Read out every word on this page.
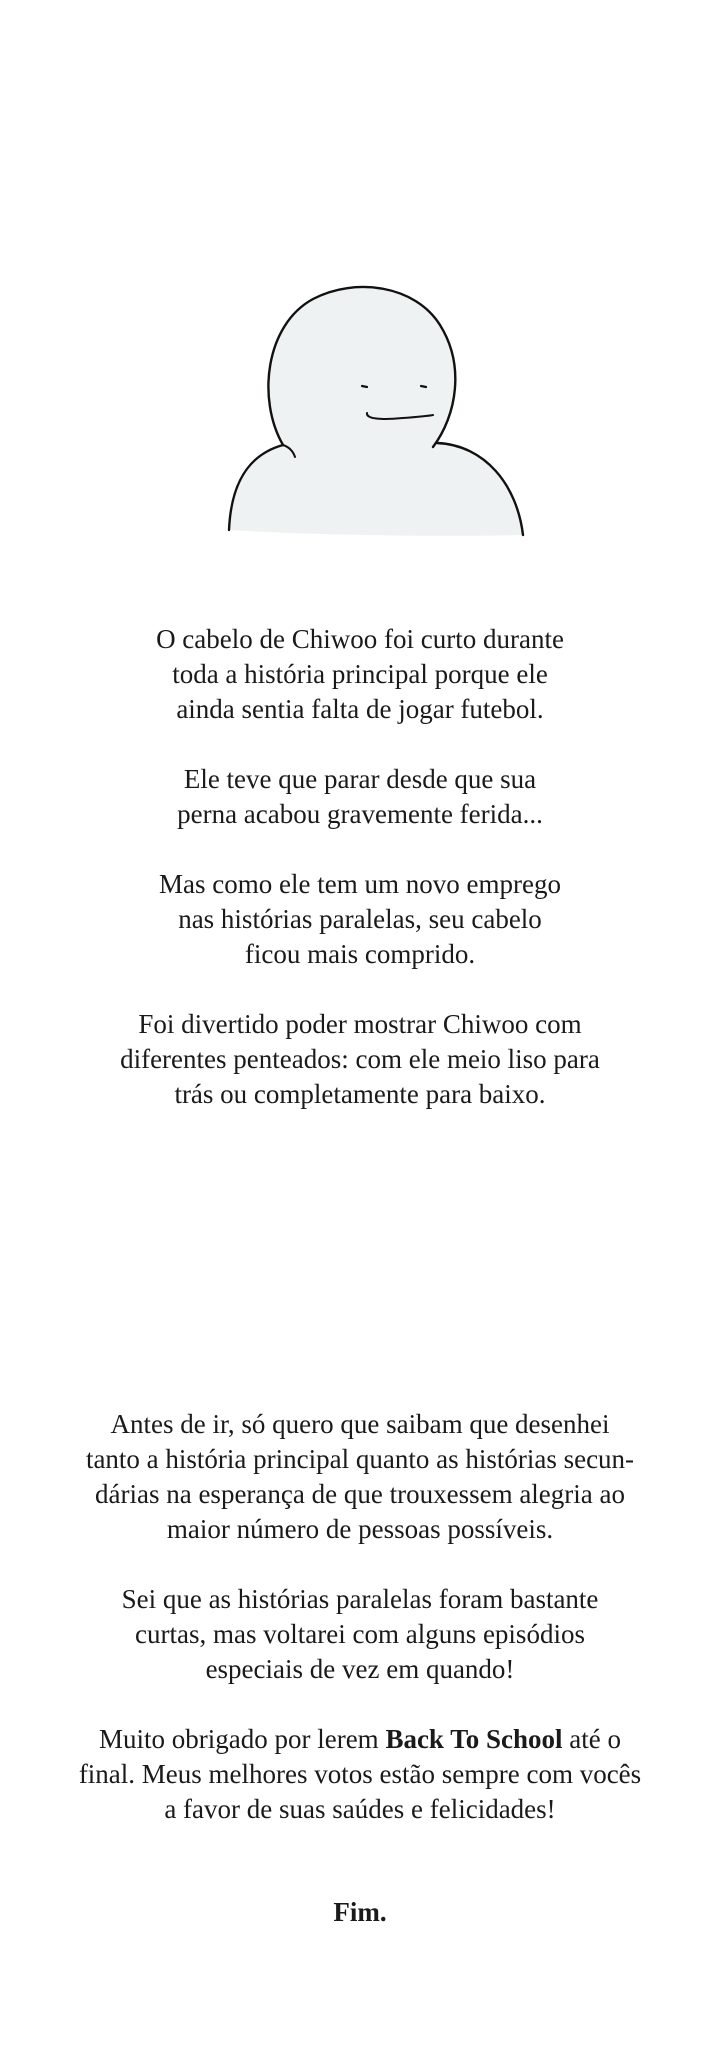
O cabelo de Chiwoo foi curto durante
toda a história principal porque ele
ainda sentia falta de jogar futebol.

Ele teve que parar desde que sua
perna acabou gravemente ferida...

Mas como ele tem um novo emprego
nas histórias paralelas, seu cabelo
ficou mais comprido.

Foi divertido poder mostrar Chiwoo com
diferentes penteados: com ele meio liso para
trás ou completamente para baixo.

Antes de ir, só quero que saibam que desenhei
tanto a história principal quanto as histórias secun-
dárias na esperança de que trouxessem alegria ao
maior número de pessoas possíveis.

Sei que as histórias paralelas foram bastante
curtas, mas voltarei com alguns episódios
especiais de vez em quando!

Muito obrigado por lerem Back To School até o
final. Meus melhores votos estão sempre com vocês
a favor de suas saúdes e felicidades!

Fim.
